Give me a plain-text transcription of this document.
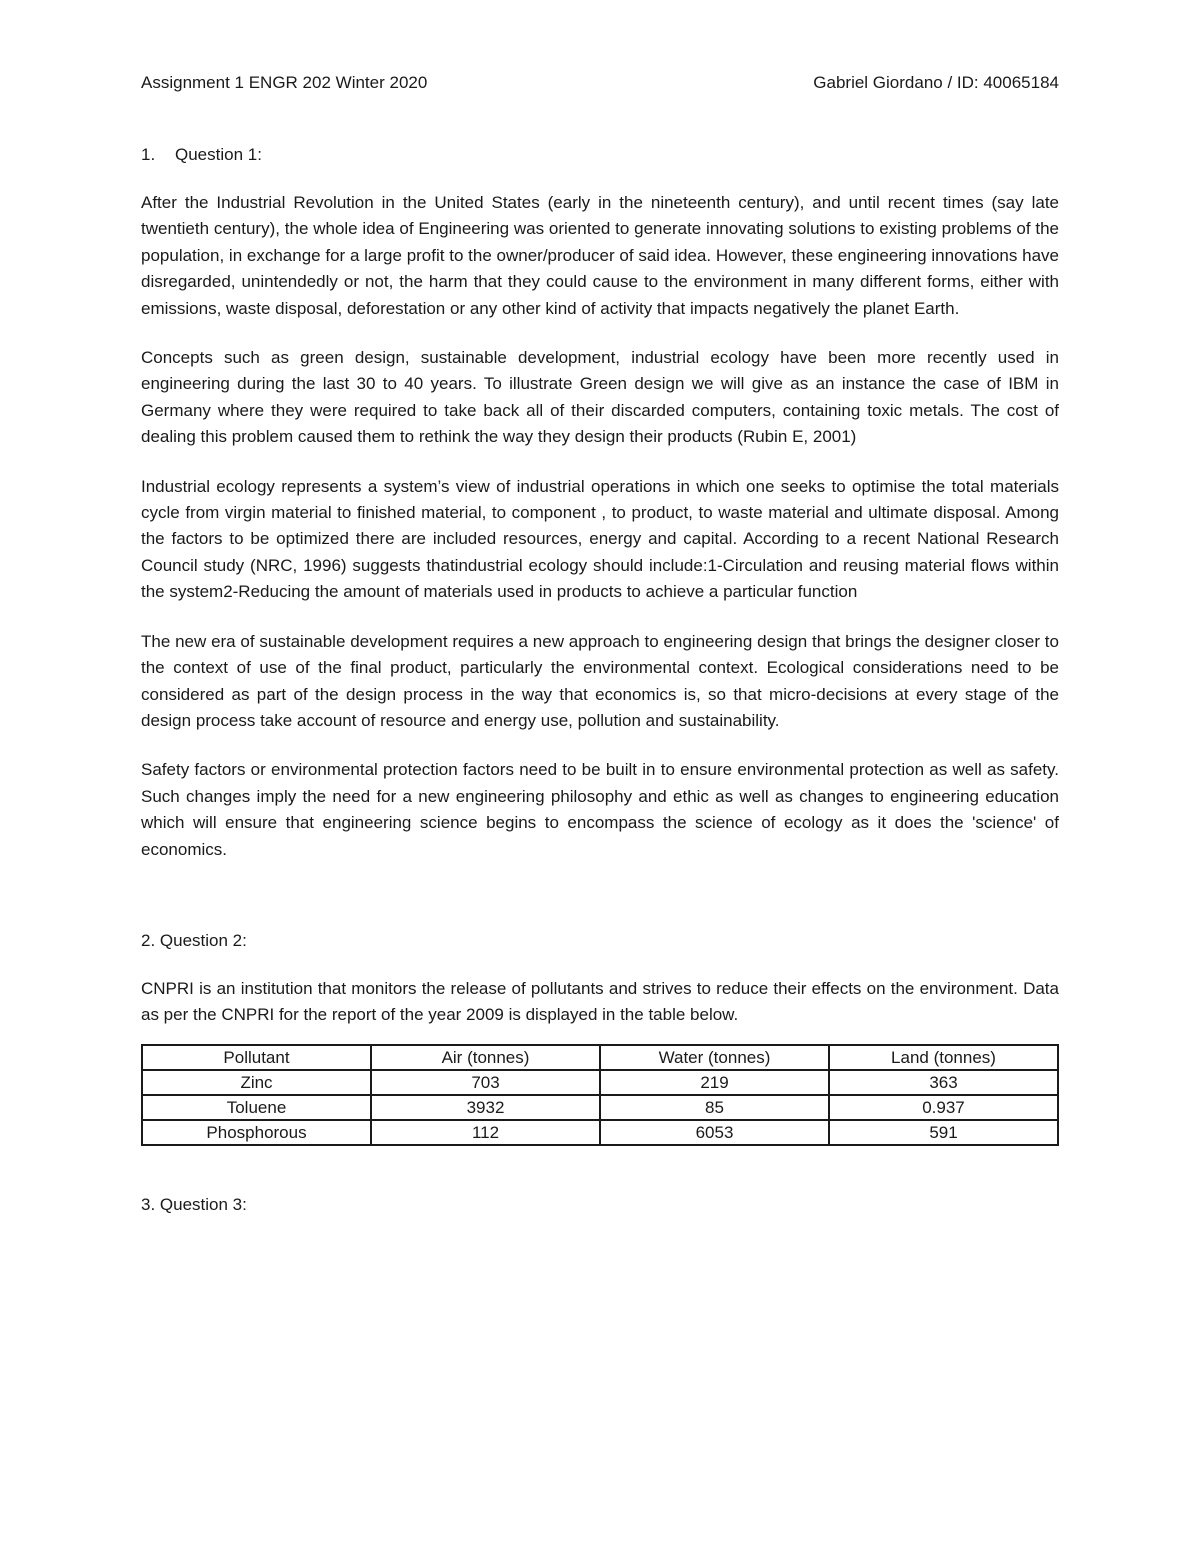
Assignment 1 ENGR 202 Winter 2020	Gabriel Giordano / ID: 40065184
1.	Question 1:

After the Industrial Revolution in the United States (early in the nineteenth century), and until recent times (say late twentieth century), the whole idea of Engineering was oriented to generate innovating solutions to existing problems of the population, in exchange for a large profit to the owner/producer of said idea. However, these engineering innovations have disregarded, unintendedly or not, the harm that they could cause to the environment in many different forms, either with emissions, waste disposal, deforestation or any other kind of activity that impacts negatively the planet Earth.

Concepts such as green design, sustainable development, industrial ecology have been more recently used in engineering during the last 30 to 40 years. To illustrate Green design we will give as an instance the case of IBM in Germany where they were required to take back all of their discarded computers, containing toxic metals. The cost of dealing this problem caused them to rethink the way they design their products (Rubin E, 2001)

Industrial ecology represents a system’s view of industrial operations in which one seeks to optimise the total materials cycle from virgin material to finished material, to component , to product, to waste material and ultimate disposal. Among the factors to be optimized there are included resources, energy and capital. According to a recent National Research Council study (NRC, 1996) suggests thatindustrial ecology should include:1-Circulation and reusing material flows within the system2-Reducing the amount of materials used in products to achieve a particular function

The new era of sustainable development requires a new approach to engineering design that brings the designer closer to the context of use of the final product, particularly the environmental context. Ecological considerations need to be considered as part of the design process in the way that economics is, so that micro-decisions at every stage of the design process take account of resource and energy use, pollution and sustainability.

Safety factors or environmental protection factors need to be built in to ensure environmental protection as well as safety. Such changes imply the need for a new engineering philosophy and ethic as well as changes to engineering education which will ensure that engineering science begins to encompass the science of ecology as it does the 'science' of economics.

2. Question 2:

CNPRI is an institution that monitors the release of pollutants and strives to reduce their effects on the environment. Data as per the CNPRI for the report of the year 2009 is displayed in the table below.

Pollutant	Air (tonnes)	Water (tonnes)	Land (tonnes)
Zinc	703	219	363
Toluene	3932	85	0.937
Phosphorous	112	6053	591
3. Question 3:
